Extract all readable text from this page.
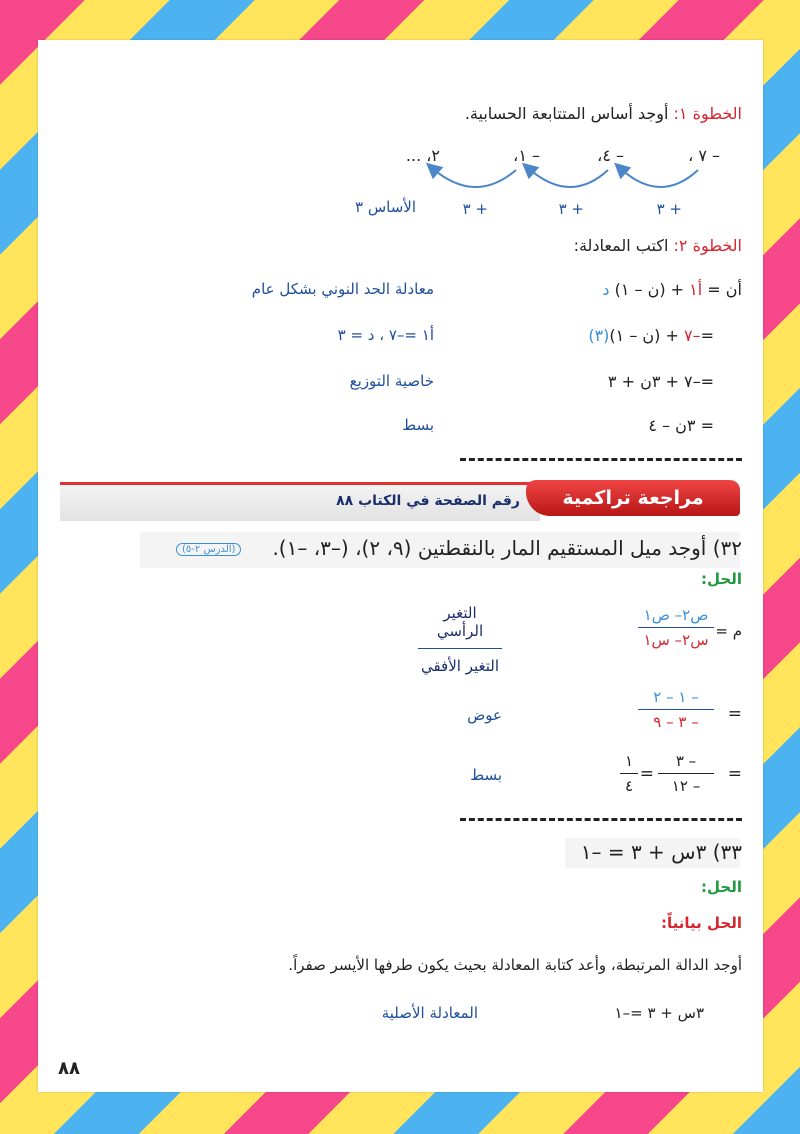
الخطوة ١: أوجد أساس المتتابعة الحسابية.
– ٧ ،
– ٤،
– ١،
٢، ...
+ ٣
+ ٣
+ ٣
الأساس ٣
الخطوة ٢: اكتب المعادلة:
أن = أ١ + (ن – ١) د
معادلة الحد النوني بشكل عام
=–٧ + (ن – ١)(٣)
أ١ =–٧ ، د = ٣
=–٧ + ٣ن + ٣
خاصية التوزيع
= ٣ن – ٤
بسط
رقم الصفحة في الكتاب ٨٨	مراجعة تراكمية
٣٢) أوجد ميل المستقيم المار بالنقطتين (٩، ٢)، (–٣، –١).
(الدرس ٢-٥)
الحل:
م =
ص٢– ص١
س٢– س١
التغير الرأسي
التغير الأفقي
=
– ١ – ٢
– ٣ – ٩
عوض
=
– ٣
– ١٢
=
١
٤
بسط
٣٣) ٣س + ٣ = –١
الحل:
الحل بيانياً:
أوجد الدالة المرتبطة، وأعد كتابة المعادلة بحيث يكون طرفها الأيسر صفراً.
٣س + ٣ =–١
المعادلة الأصلية
٨٨
